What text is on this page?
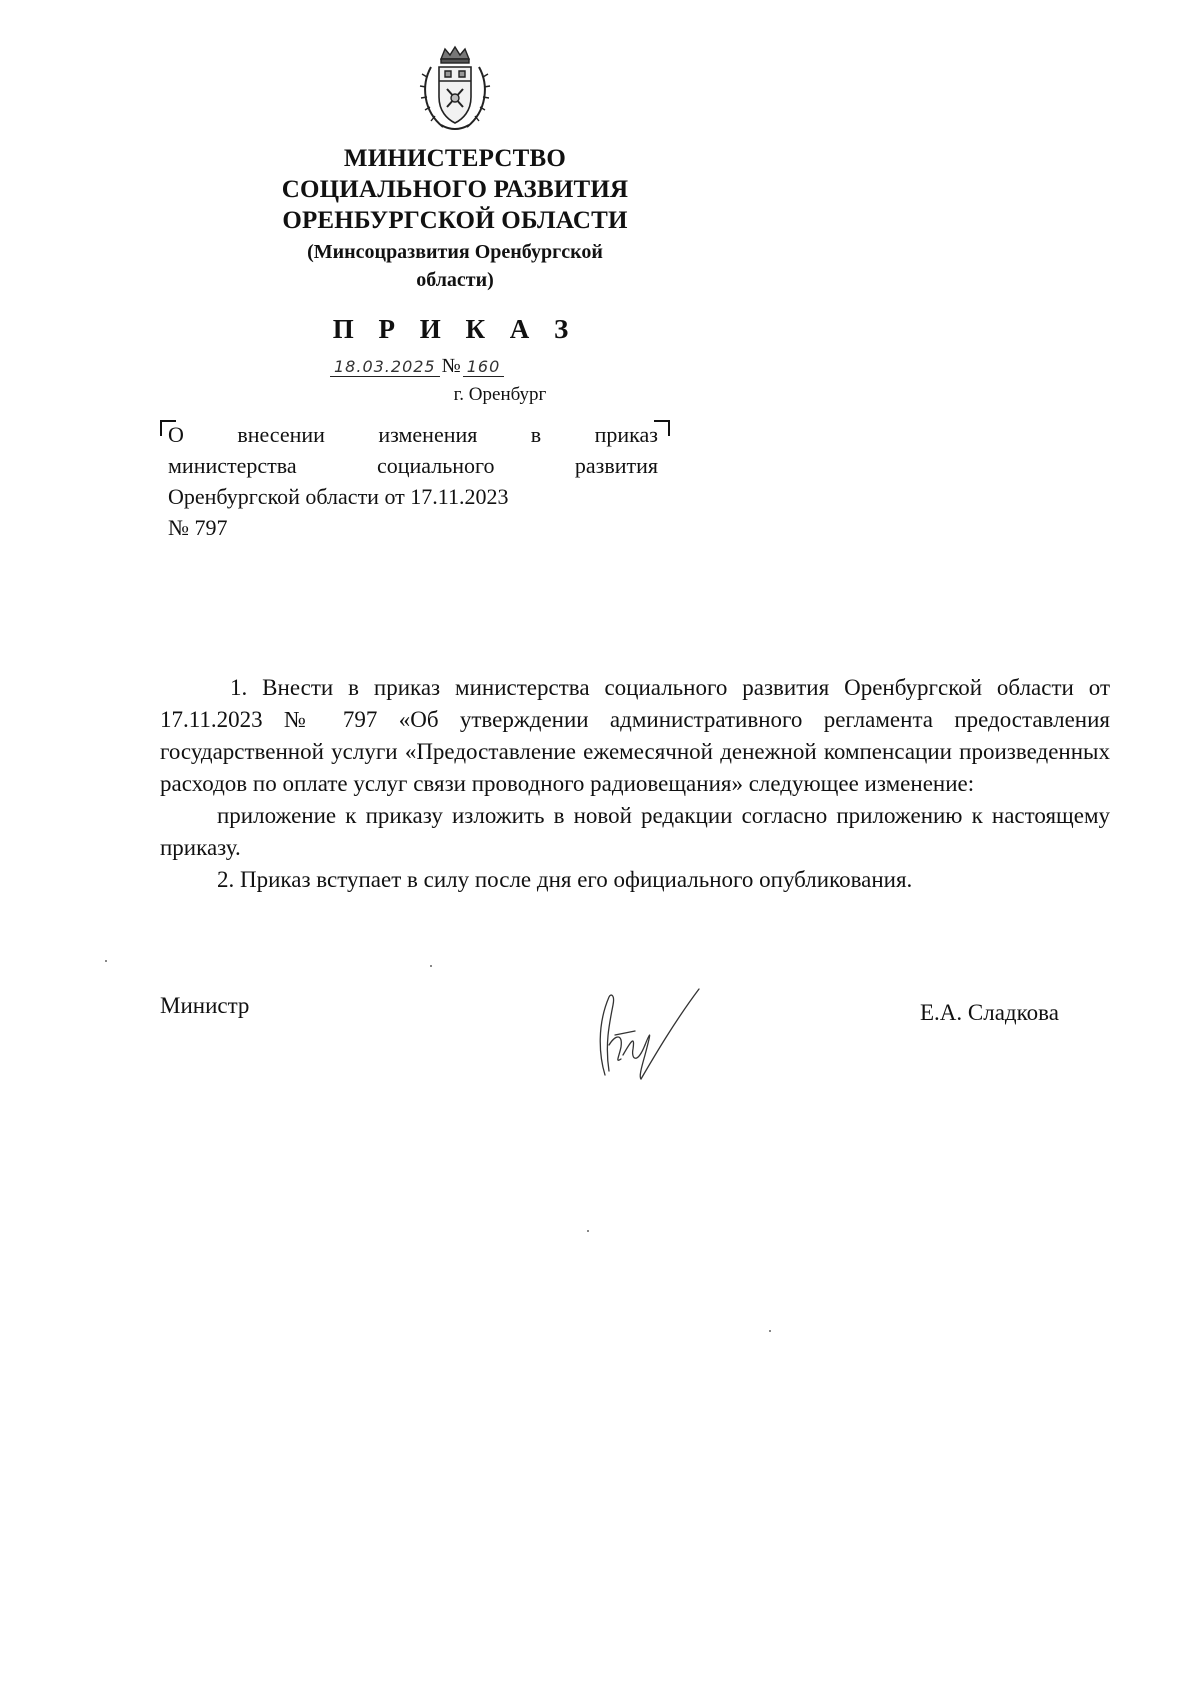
МИНИСТЕРСТВО
СОЦИАЛЬНОГО РАЗВИТИЯ
ОРЕНБУРГСКОЙ ОБЛАСТИ
(Минсоцразвития Оренбургской
области)
П Р И К А З
18.03.2025 № 160
г. Оренбург
О внесении изменения в приказ
министерства	социального	развития
Оренбургской области от 17.11.2023
№ 797

1. Внести в приказ министерства социального развития Оренбургской области от 17.11.2023 № 797 «Об утверждении административного регламента предоставления государственной услуги «Предоставление ежемесячной денежной компенсации произведенных расходов по оплате услуг связи проводного радиовещания» следующее изменение:

приложение к приказу изложить в новой редакции согласно приложению к настоящему приказу.

2. Приказ вступает в силу после дня его официального опубликования.

Министр	Е.А. Сладкова
